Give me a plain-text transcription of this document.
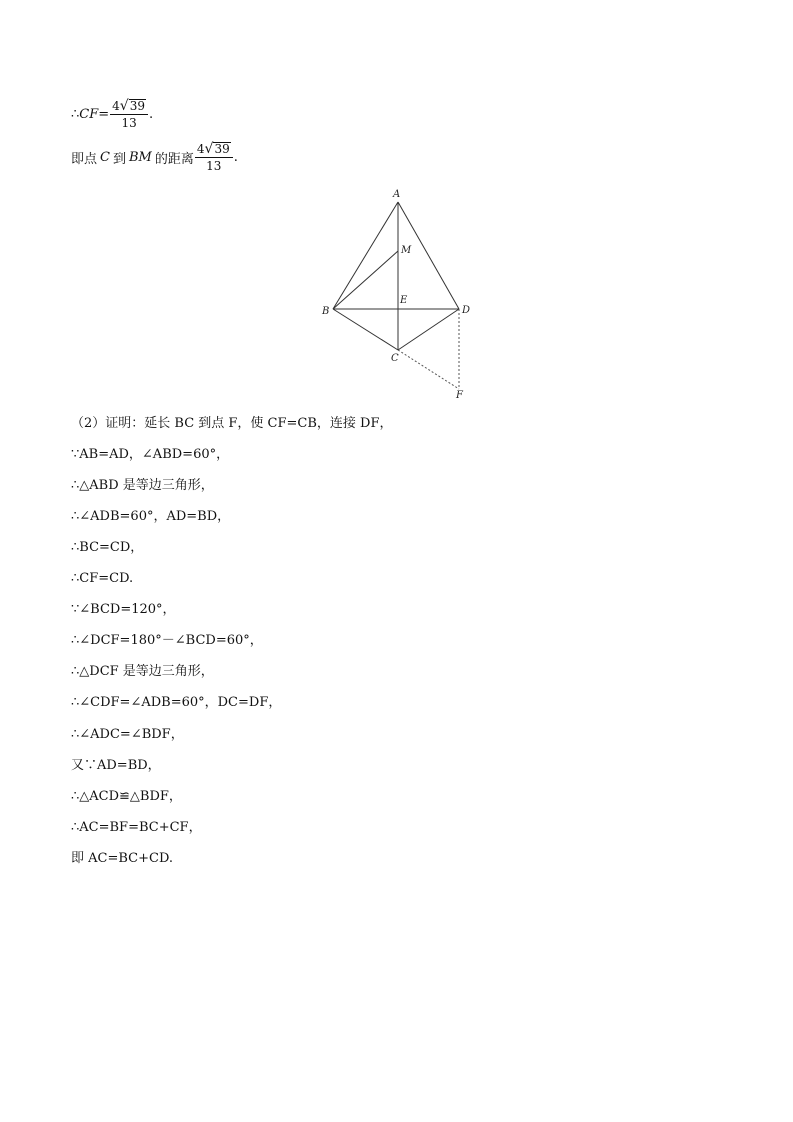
∴ CF = $\frac{4 √ 39}{13}$ .
即点 C 到 BM 的距离 $\frac{4 √ 39}{13}$ .
A
M
E
B	D
C
F
（2）证明：延长 BC 到点 F，使 CF=CB，连接 DF，
∵AB=AD，∠ABD=60°，
∴△ABD 是等边三角形，
∴∠ADB=60°，AD=BD，
∴BC=CD，
∴CF=CD.
∵∠BCD=120°，
∴∠DCF=180°－∠BCD=60°，
∴△DCF 是等边三角形，
∴∠CDF=∠ADB=60°，DC=DF，
∴∠ADC=∠BDF，
又∵AD=BD，
∴△ACD≌△BDF，
∴AC=BF=BC+CF，
即 AC=BC+CD.
